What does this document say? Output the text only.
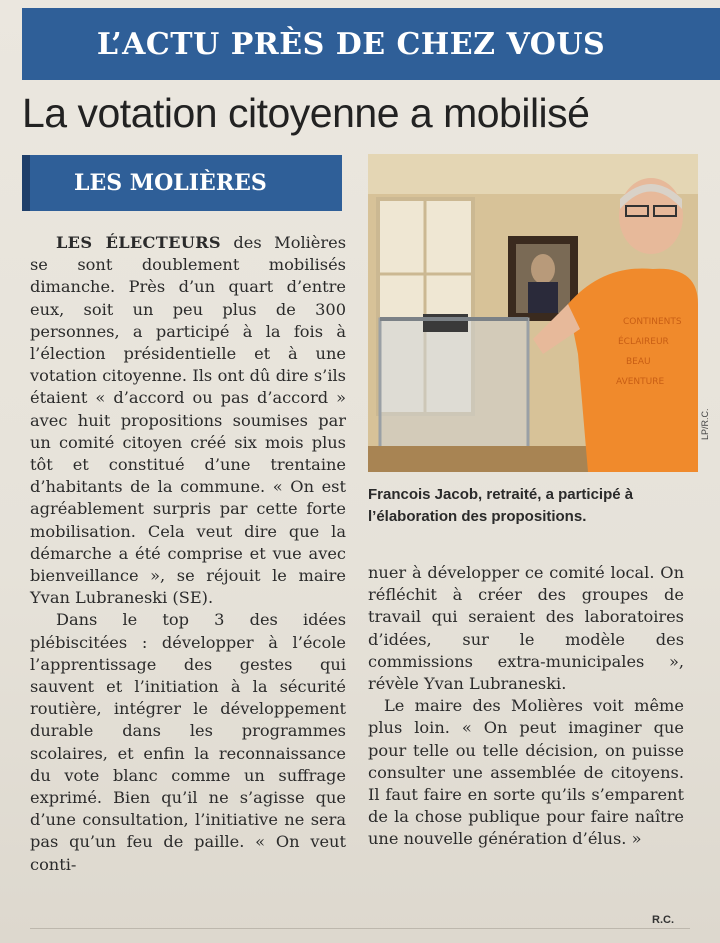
L’ACTU PRÈS DE CHEZ VOUS
La votation citoyenne a mobilisé
LES MOLIÈRES

LES ÉLECTEURS des Molières se sont doublement mobilisés dimanche. Près d’un quart d’entre eux, soit un peu plus de 300 personnes, a participé à la fois à l’élection présidentielle et à une votation citoyenne. Ils ont dû dire s’ils étaient « d’accord ou pas d’accord » avec huit propositions soumises par un comité citoyen créé six mois plus tôt et constitué d’une trentaine d’habitants de la commune. « On est agréablement surpris par cette forte mobilisation. Cela veut dire que la démarche a été comprise et vue avec bienveillance », se réjouit le maire Yvan Lubraneski (SE).

Dans le top 3 des idées plébiscitées : développer à l’école l’apprentissage des gestes qui sauvent et l’initiation à la sécurité routière, intégrer le développement durable dans les programmes scolaires, et enfin la reconnaissance du vote blanc comme un suffrage exprimé. Bien qu’il ne s’agisse que d’une consultation, l’initiative ne sera pas qu’un feu de paille. « On veut conti-

CONTINENTS
ÉCLAIREUR
BEAU
AVENTURE
LP/R.C.
Francois Jacob, retraité, a participé à l’élaboration des propositions.

nuer à développer ce comité local. On réfléchit à créer des groupes de travail qui seraient des laboratoires d’idées, sur le modèle des commissions extra-municipales », révèle Yvan Lubraneski.

Le maire des Molières voit même plus loin. « On peut imaginer que pour telle ou telle décision, on puisse consulter une assemblée de citoyens. Il faut faire en sorte qu’ils s’emparent de la chose publique pour faire naître une nouvelle génération d’élus. »

R.C.
